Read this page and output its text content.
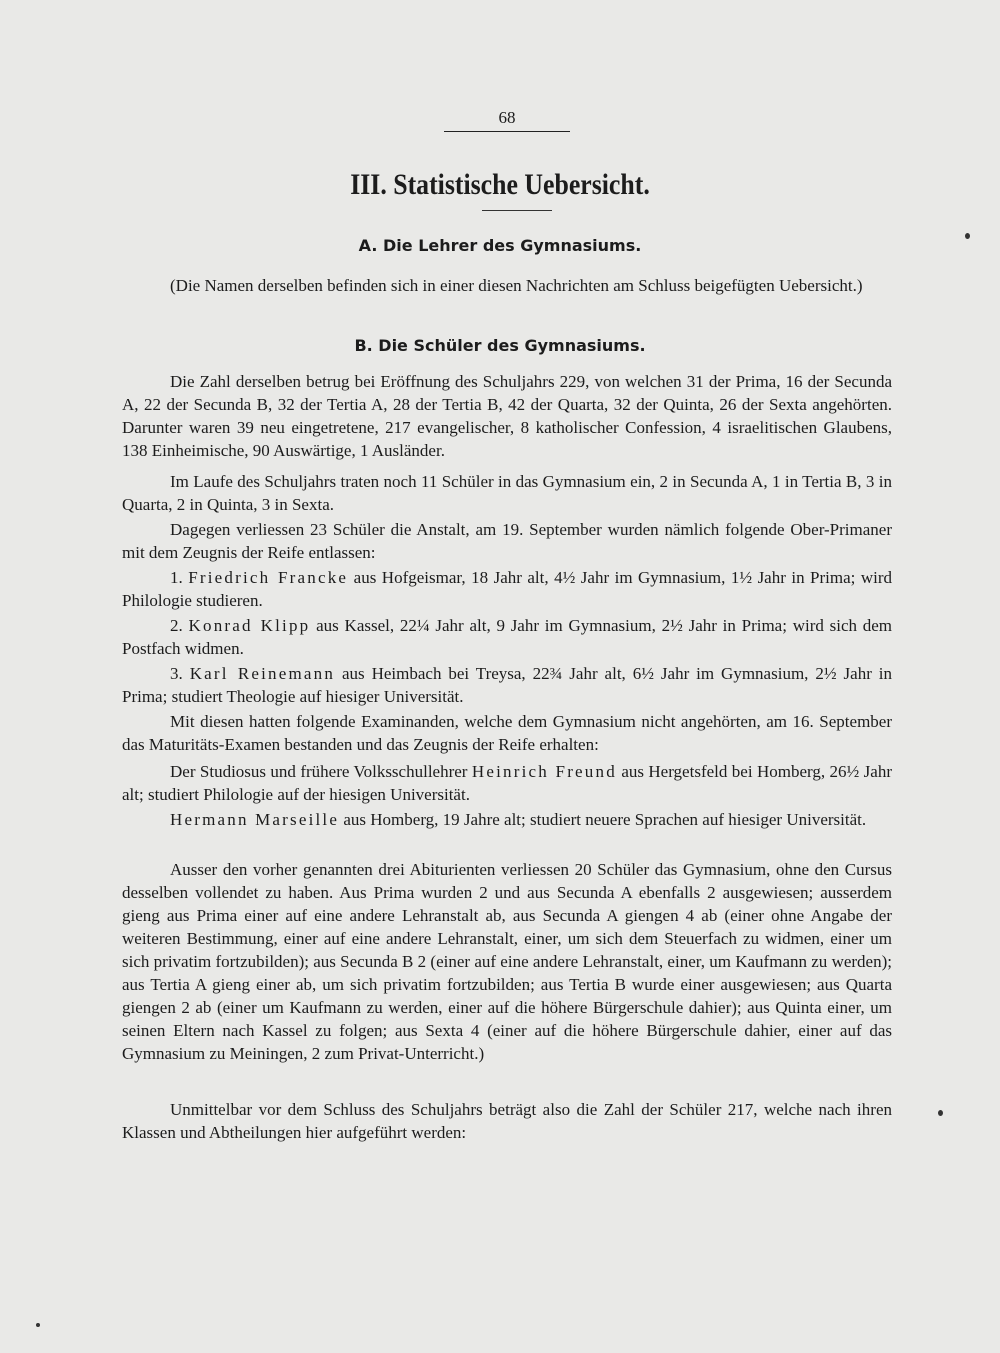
68
III. Statistische Uebersicht.
A. Die Lehrer des Gymnasiums.

(Die Namen derselben befinden sich in einer diesen Nachrichten am Schluss beigefügten Uebersicht.)

B. Die Schüler des Gymnasiums.

Die Zahl derselben betrug bei Eröffnung des Schuljahrs 229, von welchen 31 der Prima, 16 der Secunda A, 22 der Secunda B, 32 der Tertia A, 28 der Tertia B, 42 der Quarta, 32 der Quinta, 26 der Sexta angehörten. Darunter waren 39 neu eingetretene, 217 evangelischer, 8 katholischer Confession, 4 israelitischen Glaubens, 138 Einheimische, 90 Auswärtige, 1 Ausländer.

Im Laufe des Schuljahrs traten noch 11 Schüler in das Gymnasium ein, 2 in Secunda A, 1 in Tertia B, 3 in Quarta, 2 in Quinta, 3 in Sexta.

Dagegen verliessen 23 Schüler die Anstalt, am 19. September wurden nämlich folgende Ober-Primaner mit dem Zeugnis der Reife entlassen:

1. Friedrich Francke aus Hofgeismar, 18 Jahr alt, 4½ Jahr im Gymnasium, 1½ Jahr in Prima; wird Philologie studieren.

2. Konrad Klipp aus Kassel, 22¼ Jahr alt, 9 Jahr im Gymnasium, 2½ Jahr in Prima; wird sich dem Postfach widmen.

3. Karl Reinemann aus Heimbach bei Treysa, 22¾ Jahr alt, 6½ Jahr im Gymnasium, 2½ Jahr in Prima; studiert Theologie auf hiesiger Universität.

Mit diesen hatten folgende Examinanden, welche dem Gymnasium nicht angehörten, am 16. September das Maturitäts-Examen bestanden und das Zeugnis der Reife erhalten:

Der Studiosus und frühere Volksschullehrer Heinrich Freund aus Hergetsfeld bei Homberg, 26½ Jahr alt; studiert Philologie auf der hiesigen Universität.

Hermann Marseille aus Homberg, 19 Jahre alt; studiert neuere Sprachen auf hiesiger Universität.

Ausser den vorher genannten drei Abiturienten verliessen 20 Schüler das Gymnasium, ohne den Cursus desselben vollendet zu haben. Aus Prima wurden 2 und aus Secunda A ebenfalls 2 ausgewiesen; ausserdem gieng aus Prima einer auf eine andere Lehranstalt ab, aus Secunda A giengen 4 ab (einer ohne Angabe der weiteren Bestimmung, einer auf eine andere Lehranstalt, einer, um sich dem Steuerfach zu widmen, einer um sich privatim fortzubilden); aus Secunda B 2 (einer auf eine andere Lehranstalt, einer, um Kaufmann zu werden); aus Tertia A gieng einer ab, um sich privatim fortzubilden; aus Tertia B wurde einer ausgewiesen; aus Quarta giengen 2 ab (einer um Kaufmann zu werden, einer auf die höhere Bürgerschule dahier); aus Quinta einer, um seinen Eltern nach Kassel zu folgen; aus Sexta 4 (einer auf die höhere Bürgerschule dahier, einer auf das Gymnasium zu Meiningen, 2 zum Privat-Unterricht.)

Unmittelbar vor dem Schluss des Schuljahrs beträgt also die Zahl der Schüler 217, welche nach ihren Klassen und Abtheilungen hier aufgeführt werden:
